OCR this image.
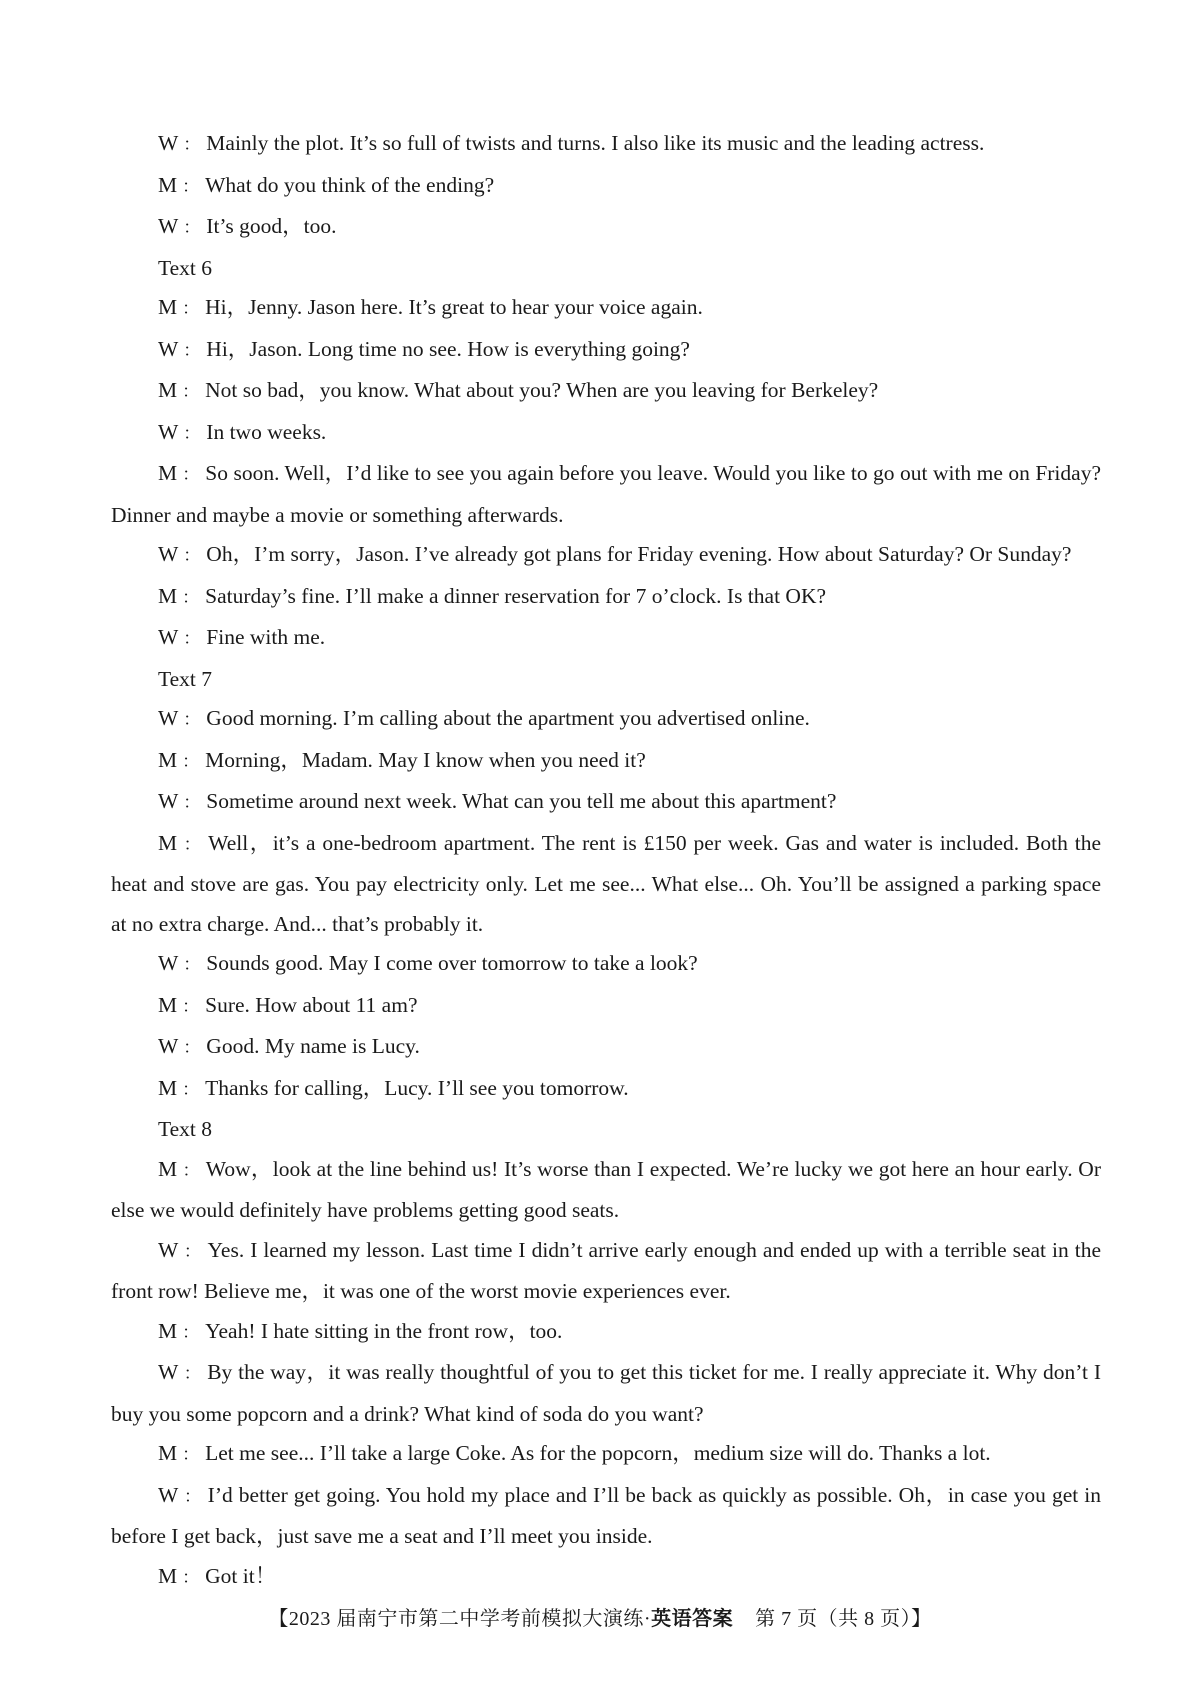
W ： Mainly the plot. It’s so full of twists and turns. I also like its music and the leading actress.

M ： What do you think of the ending?

W ： It’s good，too.

Text 6

M ： Hi，Jenny. Jason here. It’s great to hear your voice again.

W ： Hi，Jason. Long time no see. How is everything going?

M ： Not so bad，you know. What about you? When are you leaving for Berkeley?

W ： In two weeks.

M ： So soon. Well，I’d like to see you again before you leave. Would you like to go out with me on Friday? Dinner and maybe a movie or something afterwards.

W ： Oh，I’m sorry，Jason. I’ve already got plans for Friday evening. How about Saturday? Or Sunday?

M ： Saturday’s fine. I’ll make a dinner reservation for 7 o’clock. Is that OK?

W ： Fine with me.

Text 7

W ： Good morning. I’m calling about the apartment you advertised online.

M ： Morning，Madam. May I know when you need it?

W ： Sometime around next week. What can you tell me about this apartment?

M ： Well，it’s a one-bedroom apartment. The rent is £150 per week. Gas and water is included. Both the heat and stove are gas. You pay electricity only. Let me see... What else... Oh. You’ll be assigned a parking space at no extra charge. And... that’s probably it.

W ： Sounds good. May I come over tomorrow to take a look?

M ： Sure. How about 11 am?

W ： Good. My name is Lucy.

M ： Thanks for calling，Lucy. I’ll see you tomorrow.

Text 8

M ： Wow，look at the line behind us! It’s worse than I expected. We’re lucky we got here an hour early. Or else we would definitely have problems getting good seats.

W ： Yes. I learned my lesson. Last time I didn’t arrive early enough and ended up with a terrible seat in the front row! Believe me，it was one of the worst movie experiences ever.

M ： Yeah! I hate sitting in the front row，too.

W ： By the way，it was really thoughtful of you to get this ticket for me. I really appreciate it. Why don’t I buy you some popcorn and a drink? What kind of soda do you want?

M ： Let me see... I’ll take a large Coke. As for the popcorn，medium size will do. Thanks a lot.

W ： I’d better get going. You hold my place and I’ll be back as quickly as possible. Oh，in case you get in before I get back，just save me a seat and I’ll meet you inside.

M ： Got it！

【2023 届南宁市第二中学考前模拟大演练·英语答案 第 7 页（共 8 页）】
